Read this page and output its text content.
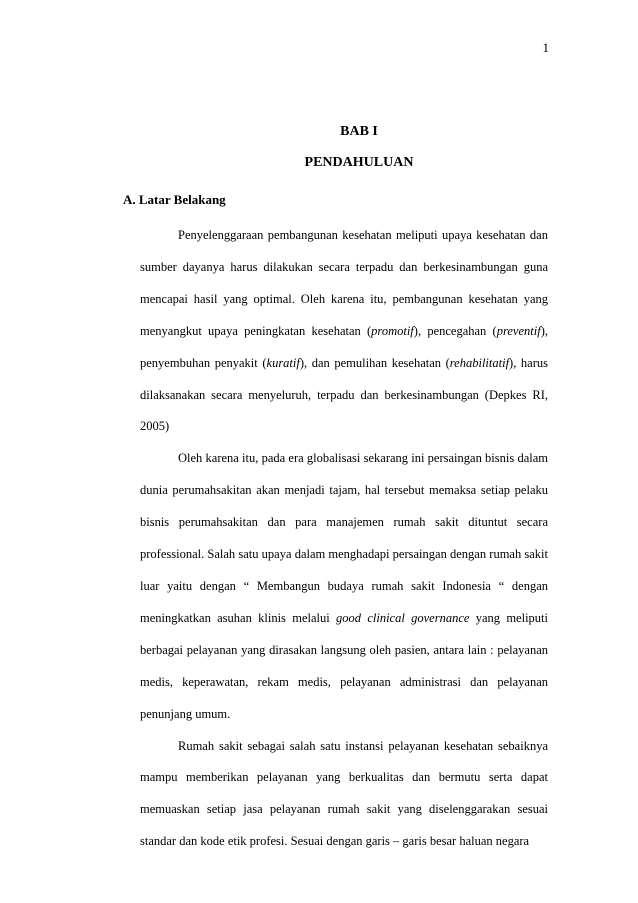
1
BAB I
PENDAHULUAN
A. Latar Belakang

Penyelenggaraan pembangunan kesehatan meliputi upaya kesehatan dan sumber dayanya harus dilakukan secara terpadu dan berkesinambungan guna mencapai hasil yang optimal. Oleh karena itu, pembangunan kesehatan yang menyangkut upaya peningkatan kesehatan (promotif), pencegahan (preventif), penyembuhan penyakit (kuratif), dan pemulihan kesehatan (rehabilitatif), harus dilaksanakan secara menyeluruh, terpadu dan berkesinambungan (Depkes RI, 2005)

Oleh karena itu, pada era globalisasi sekarang ini persaingan bisnis dalam dunia perumahsakitan akan menjadi tajam, hal tersebut memaksa setiap pelaku bisnis perumahsakitan dan para manajemen rumah sakit dituntut secara professional. Salah satu upaya dalam menghadapi persaingan dengan rumah sakit luar yaitu dengan “ Membangun budaya rumah sakit Indonesia “ dengan meningkatkan asuhan klinis melalui good clinical governance yang meliputi berbagai pelayanan yang dirasakan langsung oleh pasien, antara lain : pelayanan medis, keperawatan, rekam medis, pelayanan administrasi dan pelayanan penunjang umum.

Rumah sakit sebagai salah satu instansi pelayanan kesehatan sebaiknya mampu memberikan pelayanan yang berkualitas dan bermutu serta dapat memuaskan setiap jasa pelayanan rumah sakit yang diselenggarakan sesuai standar dan kode etik profesi. Sesuai dengan garis – garis besar haluan negara
